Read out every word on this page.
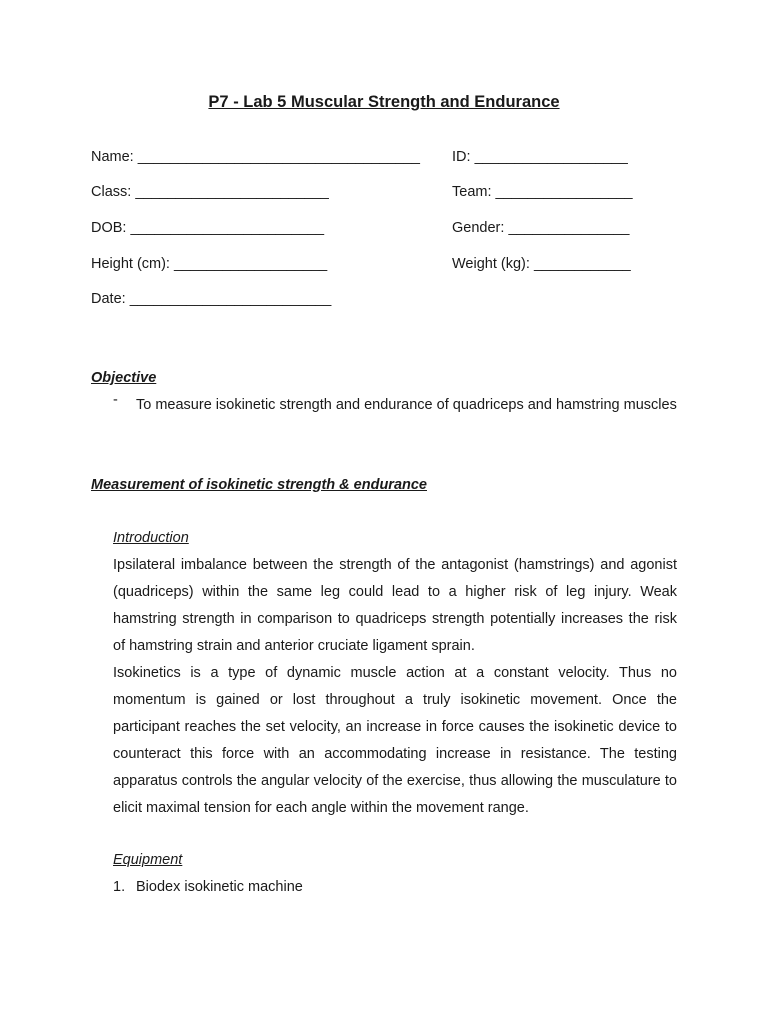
P7 - Lab 5 Muscular Strength and Endurance
Name: ___________________________________ ID: ___________________
Class: ________________________	Team: _________________
DOB: ________________________	Gender: _______________
Height (cm): ___________________	Weight (kg): ____________
Date: _________________________
Objective
- To measure isokinetic strength and endurance of quadriceps and hamstring muscles
Measurement of isokinetic strength & endurance
Introduction

Ipsilateral imbalance between the strength of the antagonist (hamstrings) and agonist (quadriceps) within the same leg could lead to a higher risk of leg injury. Weak hamstring strength in comparison to quadriceps strength potentially increases the risk of hamstring strain and anterior cruciate ligament sprain.

Isokinetics is a type of dynamic muscle action at a constant velocity. Thus no momentum is gained or lost throughout a truly isokinetic movement. Once the participant reaches the set velocity, an increase in force causes the isokinetic device to counteract this force with an accommodating increase in resistance. The testing apparatus controls the angular velocity of the exercise, thus allowing the musculature to elicit maximal tension for each angle within the movement range.

Equipment
1. Biodex isokinetic machine
